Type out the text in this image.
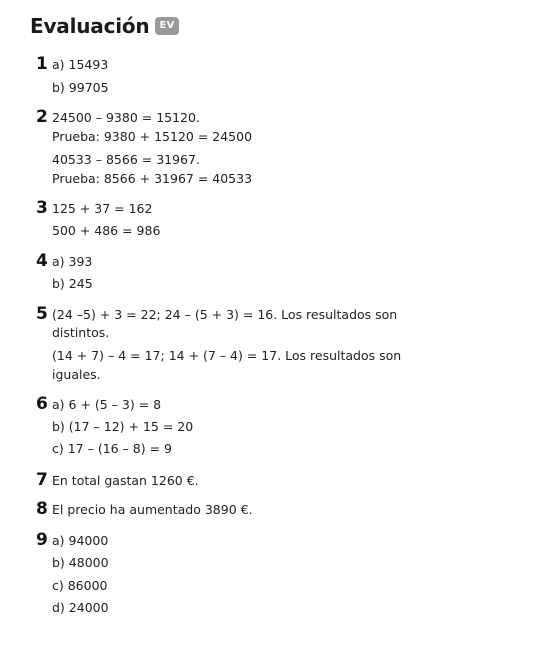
Evaluación	EV
1 a) 15493
b) 99705
2 24500 – 9380 = 15120.
Prueba: 9380 + 15120 = 24500
40533 – 8566 = 31967.
Prueba: 8566 + 31967 = 40533
3 125 + 37 = 162
500 + 486 = 986
4 a) 393
b) 245
5 (24 –5) + 3 = 22; 24 – (5 + 3) = 16. Los resultados son
distintos.
(14 + 7) – 4 = 17; 14 + (7 – 4) = 17. Los resultados son
iguales.
6 a) 6 + (5 – 3) = 8
b) (17 – 12) + 15 = 20
c) 17 – (16 – 8) = 9
7 En total gastan 1260 €.
8 El precio ha aumentado 3890 €.
9 a) 94000
b) 48000
c) 86000
d) 24000
